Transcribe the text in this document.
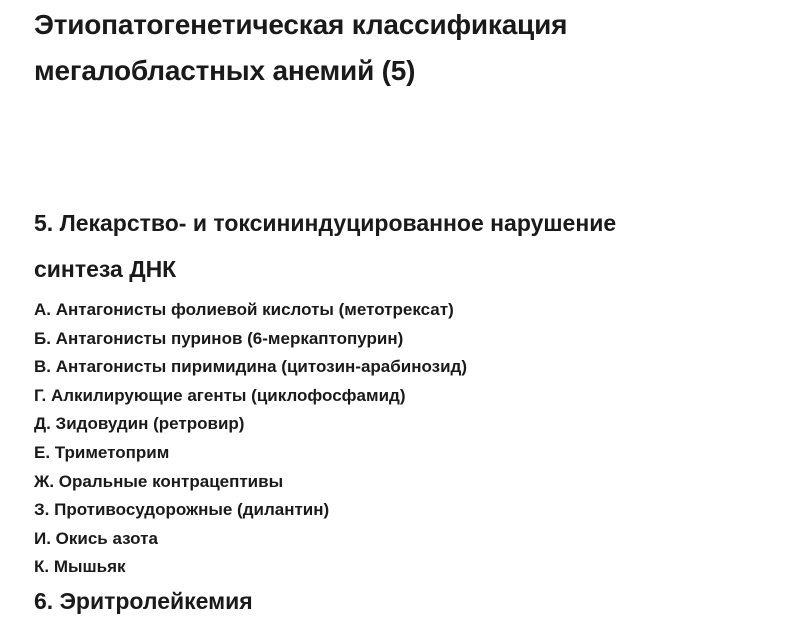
Этиопатогенетическая классификация
мегалобластных анемий (5)
5. Лекарство- и токсининдуцированное нарушение
синтеза ДНК
А. Антагонисты фолиевой кислоты (метотрексат)
Б. Антагонисты пуринов (6-меркаптопурин)
В. Антагонисты пиримидина (цитозин-арабинозид)
Г. Алкилирующие агенты (циклофосфамид)
Д. Зидовудин (ретровир)
Е. Триметоприм
Ж. Оральные контрацептивы
З. Противосудорожные (дилантин)
И. Окись азота
К. Мышьяк
6. Эритролейкемия
